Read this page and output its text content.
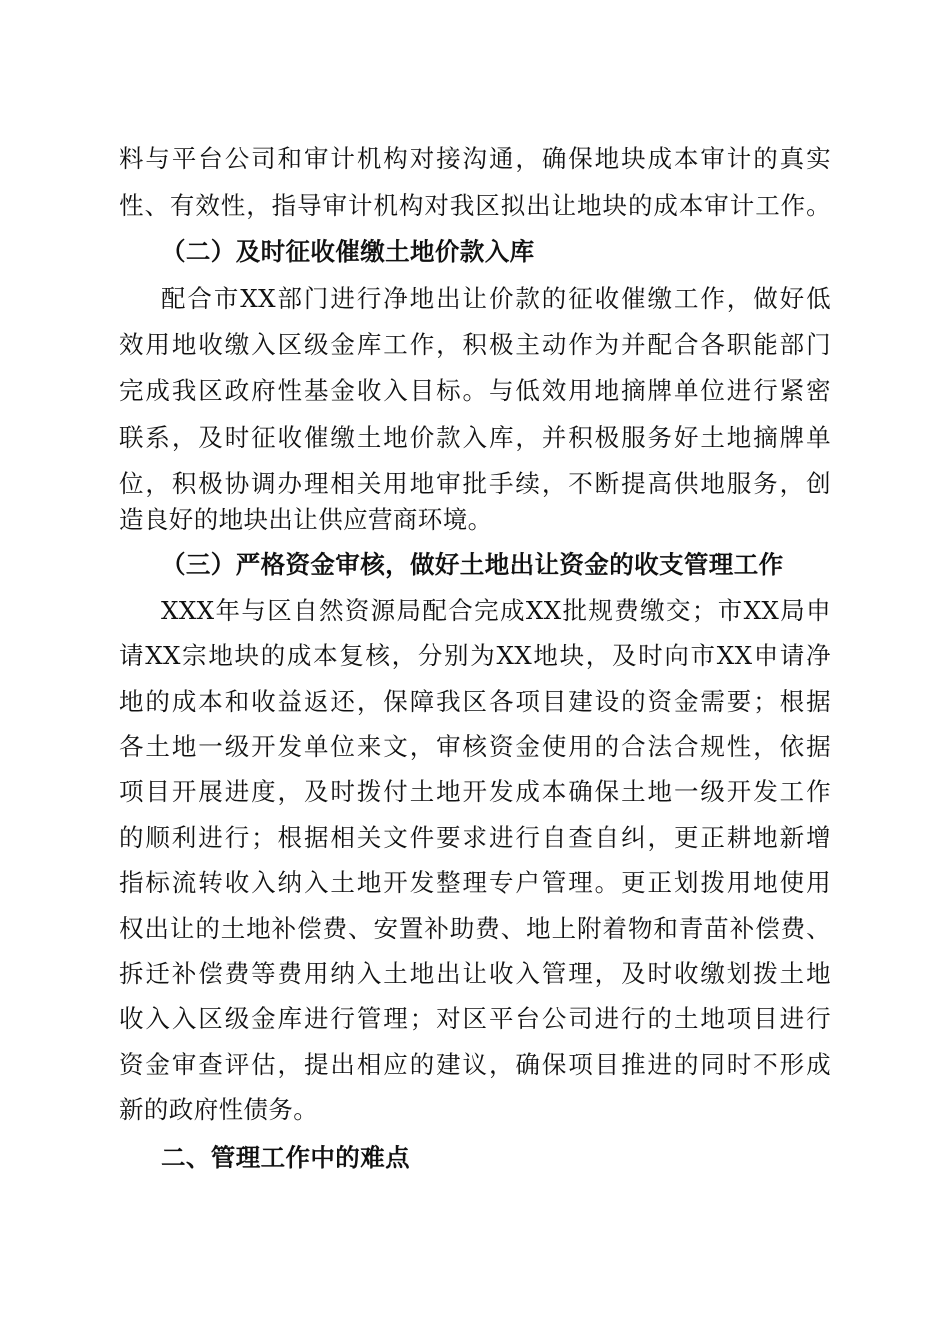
料与平台公司和审计机构对接沟通，确保地块成本审计的真实
性、有效性，指导审计机构对我区拟出让地块的成本审计工作。
（二）及时征收催缴土地价款入库
配合市XX部门进行净地出让价款的征收催缴工作，做好低
效用地收缴入区级金库工作，积极主动作为并配合各职能部门
完成我区政府性基金收入目标。与低效用地摘牌单位进行紧密
联系，及时征收催缴土地价款入库，并积极服务好土地摘牌单
位，积极协调办理相关用地审批手续，不断提高供地服务，创
造良好的地块出让供应营商环境。
（三）严格资金审核，做好土地出让资金的收支管理工作
XXX年与区自然资源局配合完成XX批规费缴交；市XX局申
请XX宗地块的成本复核，分别为XX地块，及时向市XX申请净
地的成本和收益返还，保障我区各项目建设的资金需要；根据
各土地一级开发单位来文，审核资金使用的合法合规性，依据
项目开展进度，及时拨付土地开发成本确保土地一级开发工作
的顺利进行；根据相关文件要求进行自查自纠，更正耕地新增
指标流转收入纳入土地开发整理专户管理。更正划拨用地使用
权出让的土地补偿费、安置补助费、地上附着物和青苗补偿费、
拆迁补偿费等费用纳入土地出让收入管理，及时收缴划拨土地
收入入区级金库进行管理；对区平台公司进行的土地项目进行
资金审查评估，提出相应的建议，确保项目推进的同时不形成
新的政府性债务。
二、管理工作中的难点
